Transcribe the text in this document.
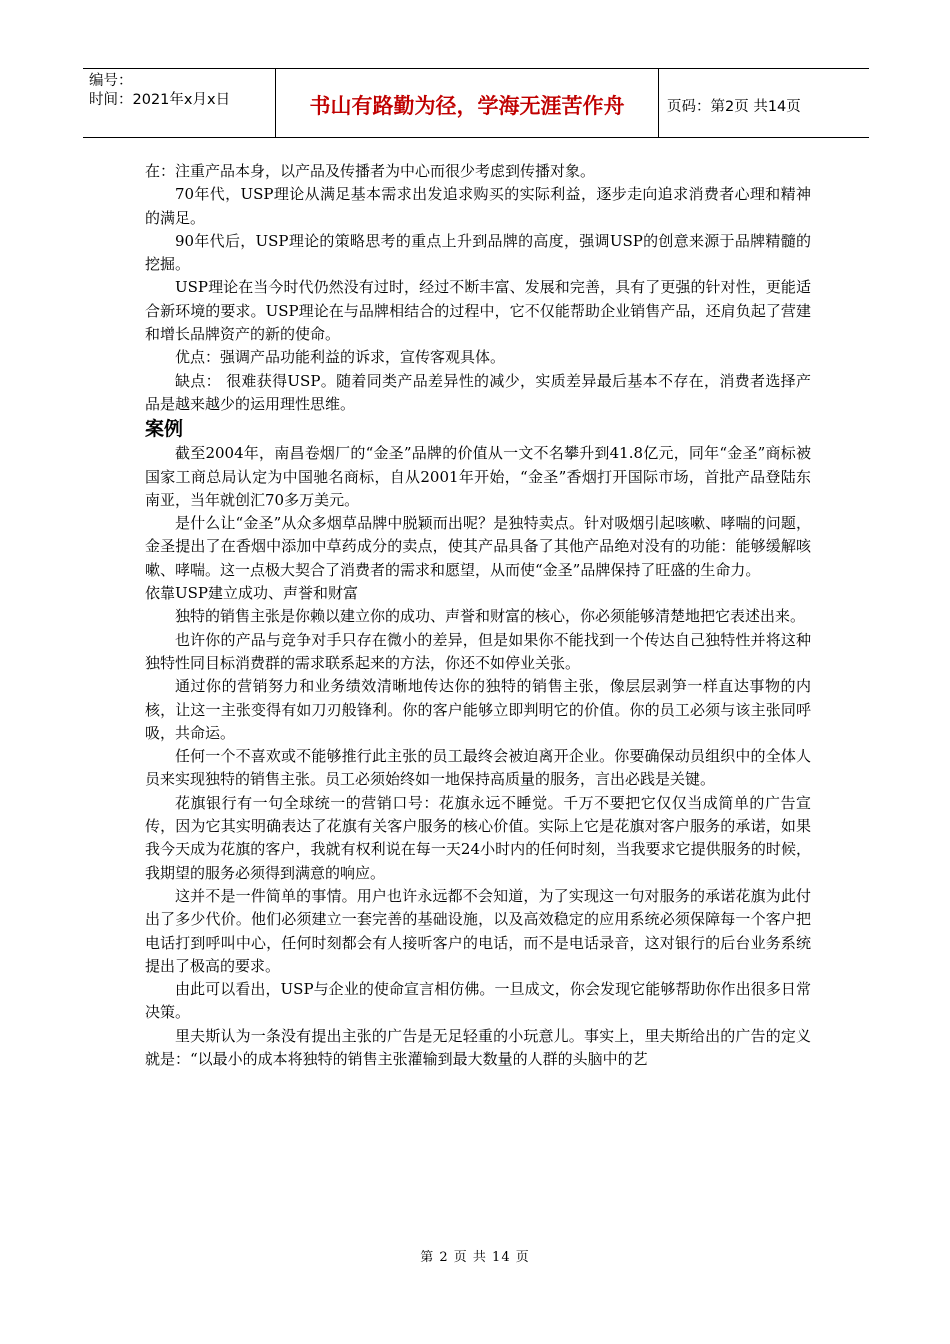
编号：
时间：2021年x月x日	书山有路勤为径，学海无涯苦作舟	页码：第2页 共14页

在：注重产品本身，以产品及传播者为中心而很少考虑到传播对象。

70年代，USP理论从满足基本需求出发追求购买的实际利益，逐步走向追求消费者心理和精神的满足。

90年代后，USP理论的策略思考的重点上升到品牌的高度，强调USP的创意来源于品牌精髓的挖掘。

USP理论在当今时代仍然没有过时，经过不断丰富、发展和完善，具有了更强的针对性，更能适合新环境的要求。USP理论在与品牌相结合的过程中，它不仅能帮助企业销售产品，还肩负起了营建和增长品牌资产的新的使命。

优点：强调产品功能利益的诉求，宣传客观具体。

缺点： 很难获得USP。随着同类产品差异性的减少，实质差异最后基本不存在，消费者选择产品是越来越少的运用理性思维。

案例

截至2004年，南昌卷烟厂的“金圣”品牌的价值从一文不名攀升到41.8亿元，同年“金圣”商标被国家工商总局认定为中国驰名商标，自从2001年开始，“金圣”香烟打开国际市场，首批产品登陆东南亚，当年就创汇70多万美元。

是什么让“金圣”从众多烟草品牌中脱颖而出呢？是独特卖点。针对吸烟引起咳嗽、哮喘的问题，金圣提出了在香烟中添加中草药成分的卖点，使其产品具备了其他产品绝对没有的功能：能够缓解咳嗽、哮喘。这一点极大契合了消费者的需求和愿望，从而使“金圣”品牌保持了旺盛的生命力。

依靠USP建立成功、声誉和财富

独特的销售主张是你赖以建立你的成功、声誉和财富的核心，你必须能够清楚地把它表述出来。

也许你的产品与竞争对手只存在微小的差异，但是如果你不能找到一个传达自己独特性并将这种独特性同目标消费群的需求联系起来的方法，你还不如停业关张。

通过你的营销努力和业务绩效清晰地传达你的独特的销售主张，像层层剥笋一样直达事物的内核，让这一主张变得有如刀刃般锋利。你的客户能够立即判明它的价值。你的员工必须与该主张同呼吸，共命运。

任何一个不喜欢或不能够推行此主张的员工最终会被迫离开企业。你要确保动员组织中的全体人员来实现独特的销售主张。员工必须始终如一地保持高质量的服务，言出必践是关键。

花旗银行有一句全球统一的营销口号：花旗永远不睡觉。千万不要把它仅仅当成简单的广告宣传，因为它其实明确表达了花旗有关客户服务的核心价值。实际上它是花旗对客户服务的承诺，如果我今天成为花旗的客户，我就有权利说在每一天24小时内的任何时刻，当我要求它提供服务的时候，我期望的服务必须得到满意的响应。

这并不是一件简单的事情。用户也许永远都不会知道，为了实现这一句对服务的承诺花旗为此付出了多少代价。他们必须建立一套完善的基础设施，以及高效稳定的应用系统必须保障每一个客户把电话打到呼叫中心，任何时刻都会有人接听客户的电话，而不是电话录音，这对银行的后台业务系统提出了极高的要求。

由此可以看出，USP与企业的使命宣言相仿佛。一旦成文，你会发现它能够帮助你作出很多日常决策。

里夫斯认为一条没有提出主张的广告是无足轻重的小玩意儿。事实上，里夫斯给出的广告的定义就是：“以最小的成本将独特的销售主张灌输到最大数量的人群的头脑中的艺

第 2 页 共 14 页
